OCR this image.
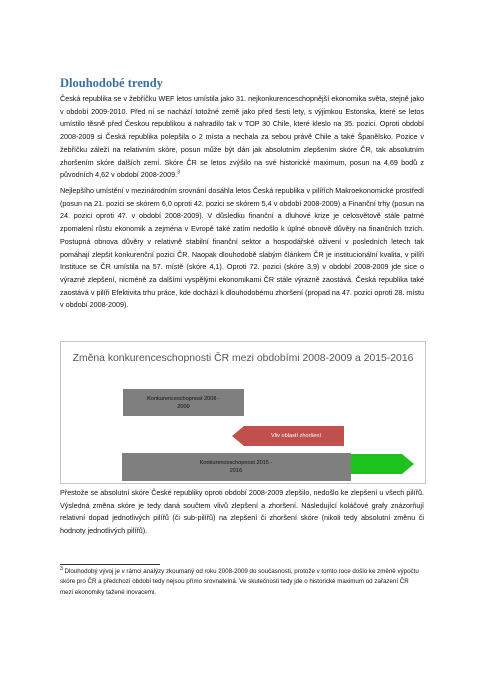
Dlouhodobé trendy

Česká republika se v žebříčku WEF letos umístila jako 31. nejkonkurenceschopnější ekonomika světa, stejně jako v období 2009-2010. Před ní se nachází totožné země jako před šesti lety, s výjimkou Estonska, které se letos umístilo těsně před Českou republikou a nahradilo tak v TOP 30 Chile, které kleslo na 35. pozici. Oproti období 2008-2009 si Česká republika polepšila o 2 místa a nechala za sebou právě Chile a také Španělsko. Pozice v žebříčku záleží na relativním skóre, posun může být dán jak absolutním zlepšením skóre ČR, tak absolutním zhoršením skóre dalších zemí. Skóre ČR se letos zvýšilo na své historické maximum, posun na 4,69 bodů z původních 4,62 v období 2008-2009.$^3$

Nejlepšího umístění v mezinárodním srovnání dosáhla letos Česká republika v pilířích Makroekonomické prostředí (posun na 21. pozici se skórem 6,0 oproti 42. pozici se skórem 5,4 v období 2008-2009) a Finanční trhy (posun na 24. pozici oproti 47. v období 2008-2009). V důsledku finanční a dluhové krize je celosvětově stále patrné zpomalení růstu ekonomik a zejména v Evropě také zatím nedošlo k úplné obnově důvěry na finančních trzích. Postupná obnova důvěry v relativně stabilní finanční sektor a hospodářské oživení v posledních letech tak pomáhají zlepšit konkurenční pozici ČR. Naopak dlouhodobě slabým článkem ČR je institucionální kvalita, v pilíři Instituce se ČR umístila na 57. místě (skóre 4,1). Oproti 72. pozici (skóre 3,9) v období 2008-2009 jde sice o výrazné zlepšení, nicméně za dalšími vyspělými ekonomikami ČR stále výrazně zaostává. Česká republika také zaostává v pilíři Efektivita trhu práce, kde dochází k dlouhodobému zhoršení (propad na 47. pozici oproti 28. místu v období 2008-2009).

Změna konkurenceschopnosti ČR mezi obdobími 2008-2009 a 2015-2016
Konkurenceschopnost 2008 - 2009
Vliv oblastí zhoršení
Konkurenceschopnost 2015 - 2016

Přestože se absolutní skóre České republiky oproti období 2008-2009 zlepšilo, nedošlo ke zlepšení u všech pilířů. Výsledná změna skóre je tedy daná součtem vlivů zlepšení a zhoršení. Následující koláčové grafy znázorňují relativní dopad jednotlivých pilířů (či sub-pilířů) na zlepšení či zhoršení skóre (nikoli tedy absolutní změnu či hodnoty jednotlivých pilířů).

$^3$ Dlouhodobý vývoj je v rámci analýzy zkoumaný od roku 2008-2009 do současnosti, protože v tomto roce došlo ke změně výpočtu skóre pro ČR a předchozí období tedy nejsou přímo srovnatelná. Ve skutečnosti tedy jde o historické maximum od zařazení ČR mezi ekonomiky tažené inovacemi.
